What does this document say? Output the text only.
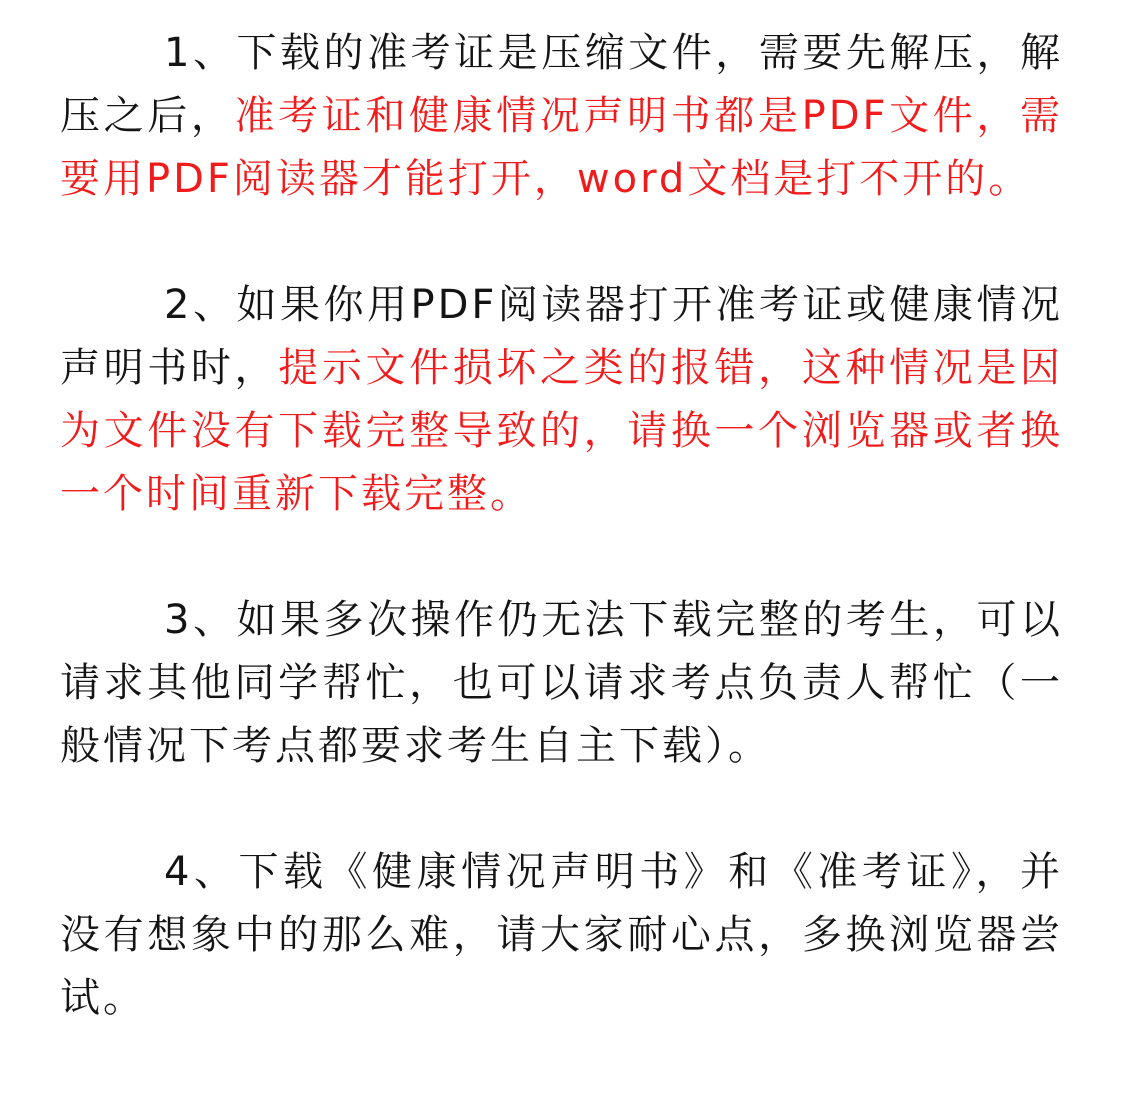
1、下载的准考证是压缩文件，需要先解压，解压之后，准考证和健康情况声明书都是PDF文件，需要用PDF阅读器才能打开，word文档是打不开的。

2、如果你用PDF阅读器打开准考证或健康情况声明书时，提示文件损坏之类的报错，这种情况是因为文件没有下载完整导致的，请换一个浏览器或者换一个时间重新下载完整。

3、如果多次操作仍无法下载完整的考生，可以请求其他同学帮忙，也可以请求考点负责人帮忙（一般情况下考点都要求考生自主下载）。

4、下载《健康情况声明书》和《准考证》，并没有想象中的那么难，请大家耐心点，多换浏览器尝试。
